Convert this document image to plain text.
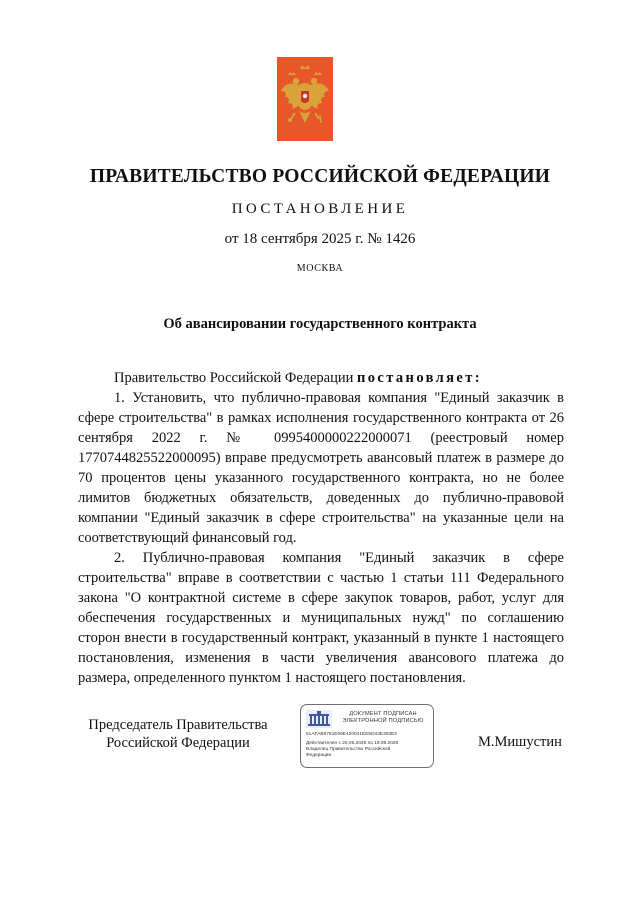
ПРАВИТЕЛЬСТВО РОССИЙСКОЙ ФЕДЕРАЦИИ
ПОСТАНОВЛЕНИЕ
от 18 сентября 2025 г. № 1426
МОСКВА
Об авансировании государственного контракта

Правительство Российской Федерации постановляет:

1. Установить, что публично-правовая компания "Единый заказчик в сфере строительства" в рамках исполнения государственного контракта от 26 сентября 2022 г. № 0995400000222000071 (реестровый номер 1770744825522000095) вправе предусмотреть авансовый платеж в размере до 70 процентов цены указанного государственного контракта, но не более лимитов бюджетных обязательств, доведенных до публично-правовой компании "Единый заказчик в сфере строительства" на указанные цели на соответствующий финансовый год.

2. Публично-правовая компания "Единый заказчик в сфере строительства" вправе в соответствии с частью 1 статьи 111 Федерального закона "О контрактной системе в сфере закупок товаров, работ, услуг для обеспечения государственных и муниципальных нужд" по соглашению сторон внести в государственный контракт, указанный в пункте 1 настоящего постановления, изменения в части увеличения авансового платежа до размера, определенного пунктом 1 настоящего постановления.

Председатель Правительства
Российской Федерации
ДОКУМЕНТ ПОДПИСАН
ЭЛЕКТРОННОЙ ПОДПИСЬЮ
51AFAB8781E09E420041EE5D43E303E3
Действителен с 26.06.2025 по 19.09.2026
Владелец Правительство Российской
Федерации
М.Мишустин
